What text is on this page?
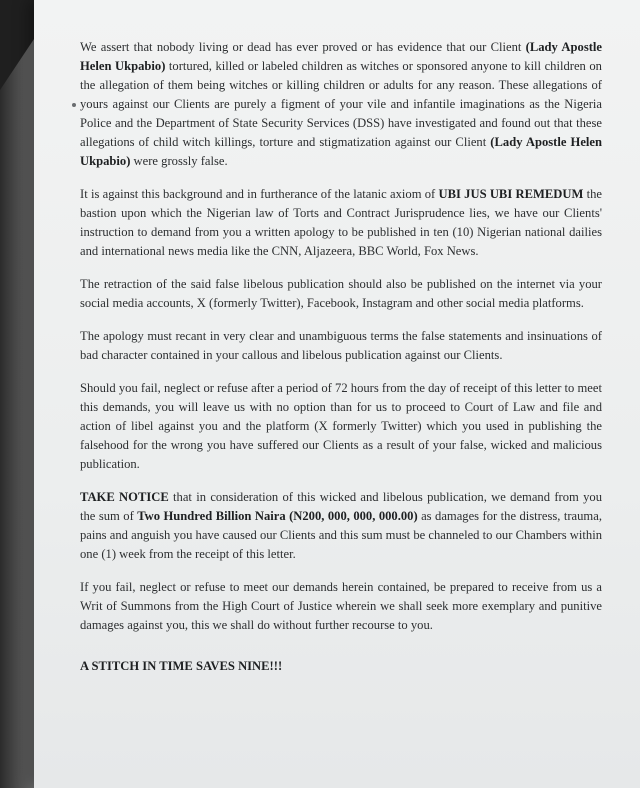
We assert that nobody living or dead has ever proved or has evidence that our Client (Lady Apostle Helen Ukpabio) tortured, killed or labeled children as witches or sponsored anyone to kill children on the allegation of them being witches or killing children or adults for any reason. These allegations of yours against our Clients are purely a figment of your vile and infantile imaginations as the Nigeria Police and the Department of State Security Services (DSS) have investigated and found out that these allegations of child witch killings, torture and stigmatization against our Client (Lady Apostle Helen Ukpabio) were grossly false.

It is against this background and in furtherance of the latanic axiom of UBI JUS UBI REMEDUM the bastion upon which the Nigerian law of Torts and Contract Jurisprudence lies, we have our Clients' instruction to demand from you a written apology to be published in ten (10) Nigerian national dailies and international news media like the CNN, Aljazeera, BBC World, Fox News.

The retraction of the said false libelous publication should also be published on the internet via your social media accounts, X (formerly Twitter), Facebook, Instagram and other social media platforms.

The apology must recant in very clear and unambiguous terms the false statements and insinuations of bad character contained in your callous and libelous publication against our Clients.

Should you fail, neglect or refuse after a period of 72 hours from the day of receipt of this letter to meet this demands, you will leave us with no option than for us to proceed to Court of Law and file and action of libel against you and the platform (X formerly Twitter) which you used in publishing the falsehood for the wrong you have suffered our Clients as a result of your false, wicked and malicious publication.

TAKE NOTICE that in consideration of this wicked and libelous publication, we demand from you the sum of Two Hundred Billion Naira (N200, 000, 000, 000.00) as damages for the distress, trauma, pains and anguish you have caused our Clients and this sum must be channeled to our Chambers within one (1) week from the receipt of this letter.

If you fail, neglect or refuse to meet our demands herein contained, be prepared to receive from us a Writ of Summons from the High Court of Justice wherein we shall seek more exemplary and punitive damages against you, this we shall do without further recourse to you.

A STITCH IN TIME SAVES NINE!!!
